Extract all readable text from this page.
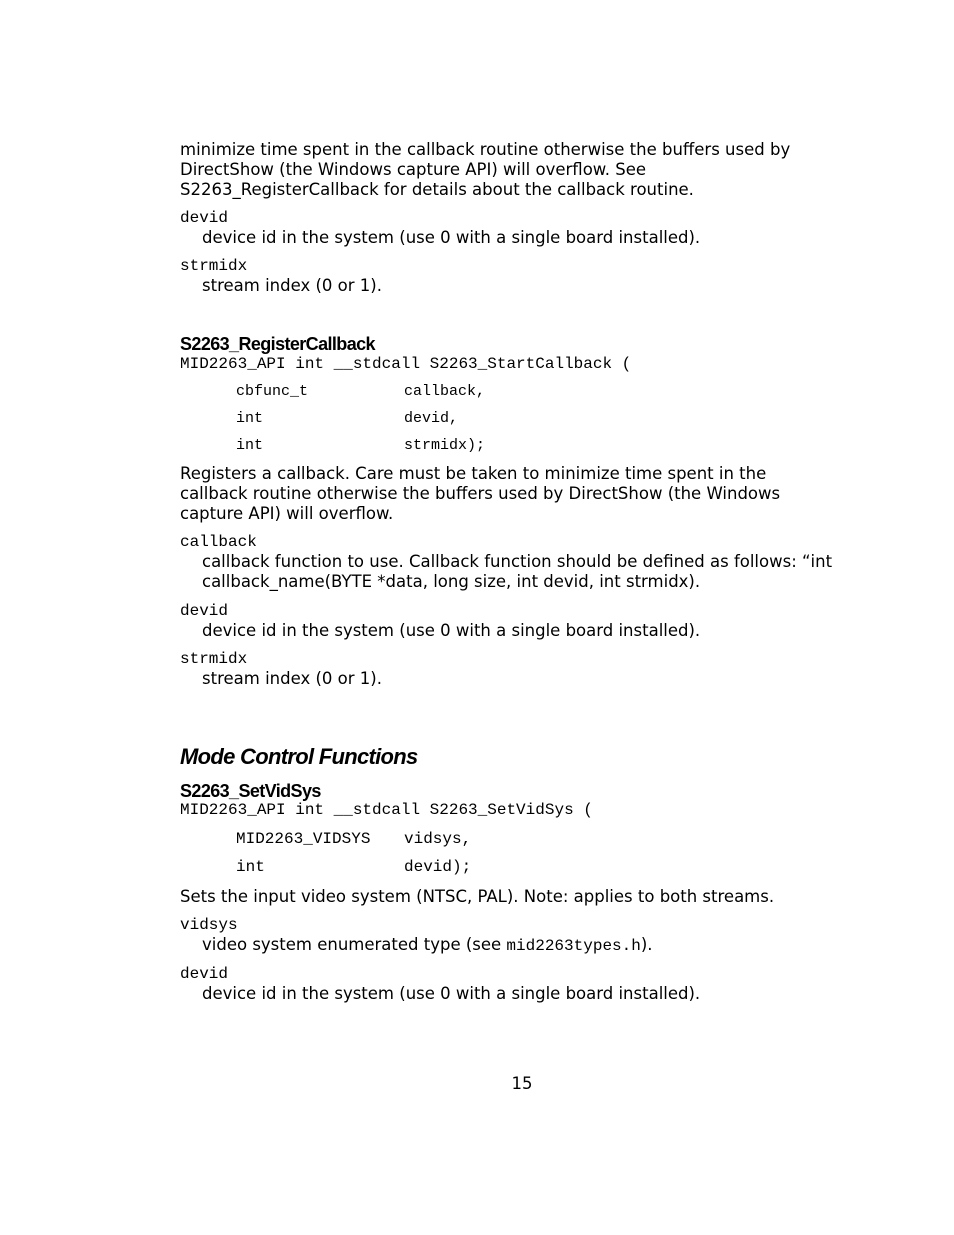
minimize time spent in the callback routine otherwise the buffers used by
DirectShow (the Windows capture API) will overflow. See
S2263_RegisterCallback for details about the callback routine.
devid
device id in the system (use 0 with a single board installed).
strmidx
stream index (0 or 1).
S2263_RegisterCallback
MID2263_API int __stdcall S2263_StartCallback (
cbfunc_t	callback,
int	devid,
int	strmidx);
Registers a callback. Care must be taken to minimize time spent in the
callback routine otherwise the buffers used by DirectShow (the Windows
capture API) will overflow.
callback
callback function to use. Callback function should be defined as follows: “int
callback_name(BYTE *data, long size, int devid, int strmidx).
devid
device id in the system (use 0 with a single board installed).
strmidx
stream index (0 or 1).
Mode Control Functions
S2263_SetVidSys
MID2263_API int __stdcall S2263_SetVidSys (
MID2263_VIDSYS vidsys,
int	devid);
Sets the input video system (NTSC, PAL). Note: applies to both streams.
vidsys
video system enumerated type (see mid2263types.h).
devid
device id in the system (use 0 with a single board installed).
15
